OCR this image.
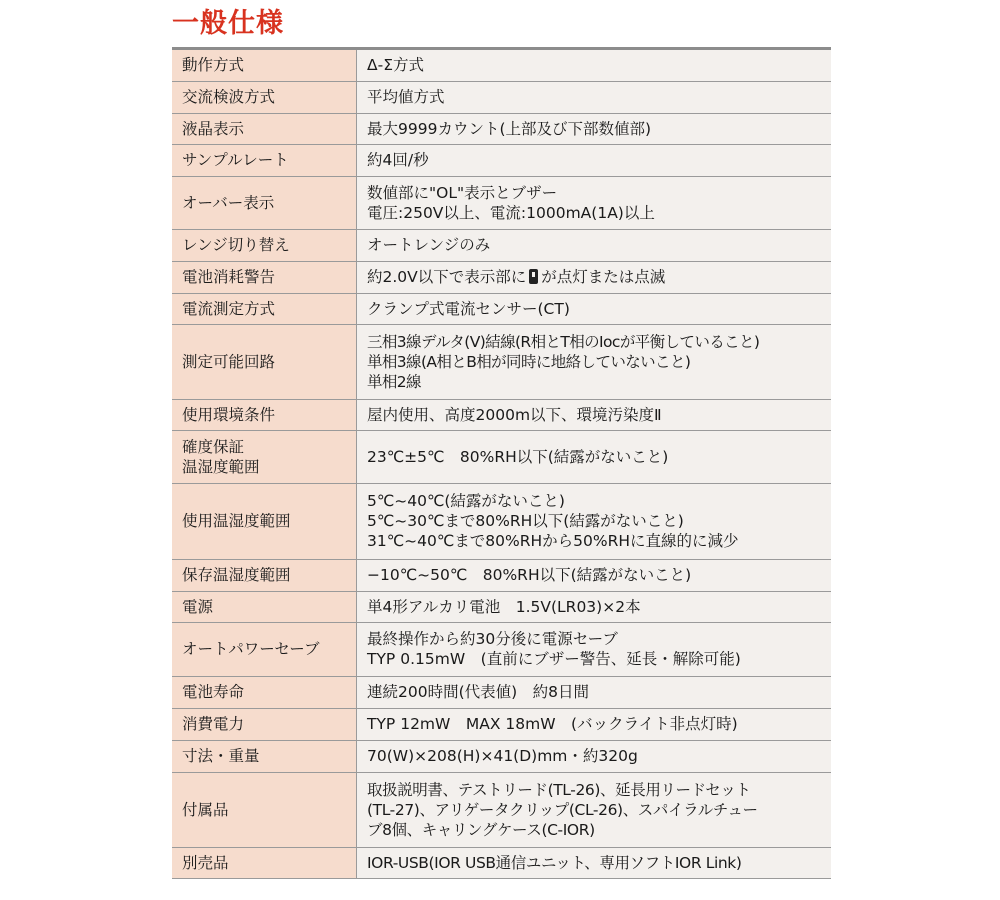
一般仕様
動作方式	Δ-Σ方式

交流検波方式	平均値方式

液晶表示	最大9999カウント(上部及び下部数値部)

サンプルレート	約4回/秒

オーバー表示	数値部に"OL"表示とブザー
電圧:250V以上、電流:1000mA(1A)以上

レンジ切り替え	オートレンジのみ

電池消耗警告	約2.0V以下で表示部に が点灯または点滅
電流測定方式	クランプ式電流センサー(CT)

測定可能回路	三相3線デルタ(V)結線(R相とT相のIocが平衡していること)
単相3線(A相とB相が同時に地絡していないこと)
単相2線

使用環境条件	屋内使用、高度2000m以下、環境汚染度Ⅱ

確度保証
温湿度範囲	23℃±5℃　80%RH以下(結露がないこと)

使用温湿度範囲	5℃~40℃(結露がないこと)
5℃~30℃まで80%RH以下(結露がないこと)
31℃~40℃まで80%RHから50%RHに直線的に減少

保存温湿度範囲	−10℃~50℃　80%RH以下(結露がないこと)

電源	単4形アルカリ電池　1.5V(LR03)×2本

オートパワーセーブ	最終操作から約30分後に電源セーブ
TYP 0.15mW　(直前にブザー警告、延長・解除可能)

電池寿命	連続200時間(代表値)　約8日間

消費電力	TYP 12mW　MAX 18mW　(バックライト非点灯時)

寸法・重量	70(W)×208(H)×41(D)mm・約320g

付属品	取扱説明書、テストリード(TL-26)、延長用リードセット
(TL-27)、アリゲータクリップ(CL-26)、スパイラルチュー
ブ8個、キャリングケース(C-IOR)

別売品	IOR-USB(IOR USB通信ユニット、専用ソフトIOR Link)
